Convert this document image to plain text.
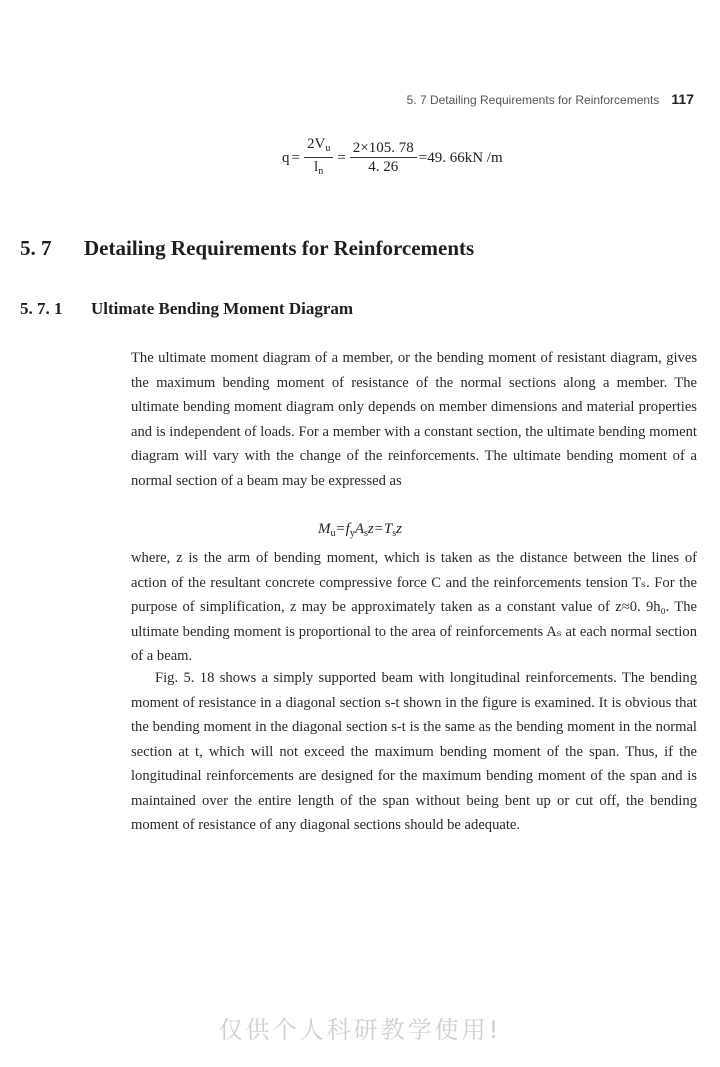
5. 7 Detailing Requirements for Reinforcements 117
$q = \frac{2V_u}{l_n} = \frac{2\times 105. 78}{4. 26} =49$. 66kN /m
5. 7 Detailing Requirements for Reinforcements
5. 7. 1 Ultimate Bending Moment Diagram

The ultimate moment diagram of a member, or the bending moment of resistant diagram, gives the maximum bending moment of resistance of the normal sections along a member. The ultimate bending moment diagram only depends on member dimensions and material properties and is independent of loads. For a member with a constant section, the ultimate bending moment diagram will vary with the change of the reinforcements. The ultimate bending moment of a normal section of a beam may be expressed as

$M_u=f_yA_sz=T_sz$

where, z is the arm of bending moment, which is taken as the distance between the lines of action of the resultant concrete compressive force C and the reinforcements tension Tₛ. For the purpose of simplification, z may be approximately taken as a constant value of z≈0. 9h₀. The ultimate bending moment is proportional to the area of reinforcements Aₛ at each normal section of a beam.

Fig. 5. 18 shows a simply supported beam with longitudinal reinforcements. The bending moment of resistance in a diagonal section s-t shown in the figure is examined. It is obvious that the bending moment in the diagonal section s-t is the same as the bending moment in the normal section at t, which will not exceed the maximum bending moment of the span. Thus, if the longitudinal reinforcements are designed for the maximum bending moment of the span and is maintained over the entire length of the span without being bent up or cut off, the bending moment of resistance of any diagonal sections should be adequate.

仅供个人科研教学使用!
